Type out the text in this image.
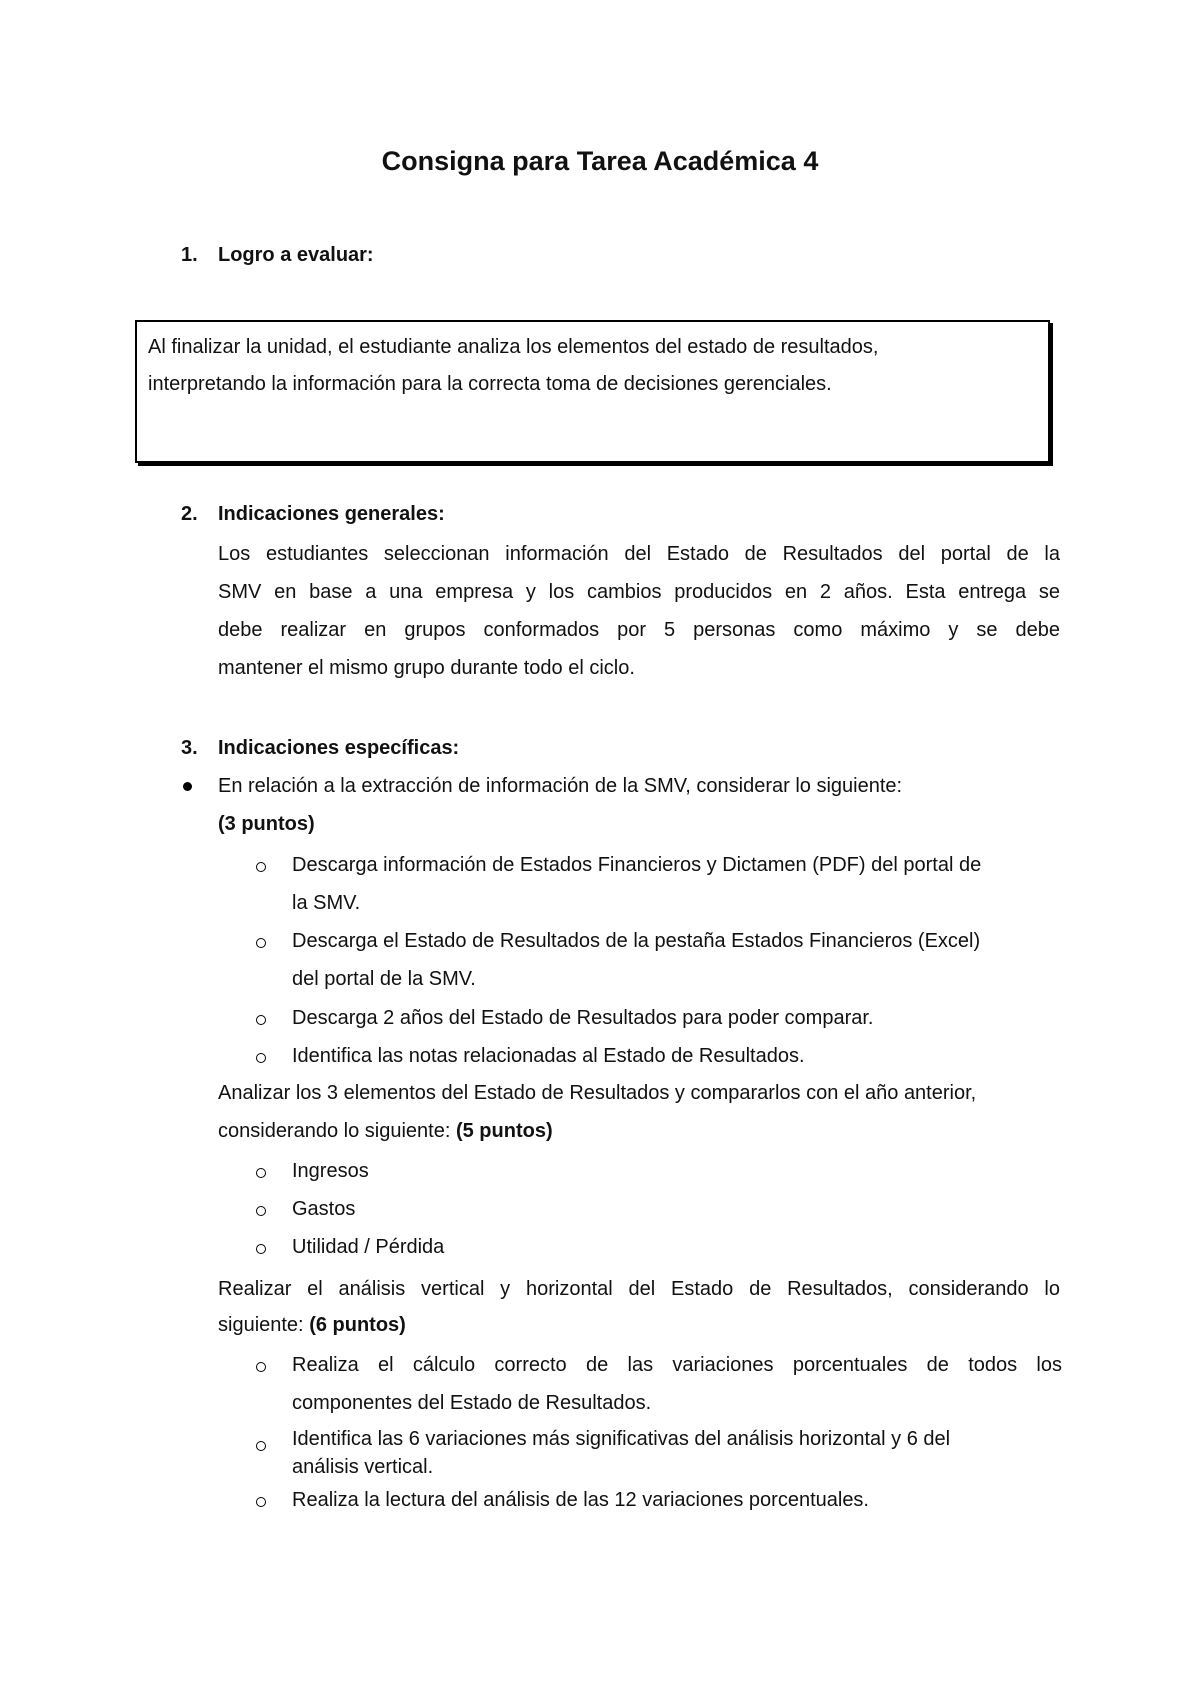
Consigna para Tarea Académica 4
1. Logro a evaluar:

Al finalizar la unidad, el estudiante analiza los elementos del estado de resultados,

interpretando la información para la correcta toma de decisiones gerenciales.

2. Indicaciones generales:
Los estudiantes seleccionan información del Estado de Resultados del portal de la
SMV en base a una empresa y los cambios producidos en 2 años. Esta entrega se
debe realizar en grupos conformados por 5 personas como máximo y se debe
mantener el mismo grupo durante todo el ciclo.
3. Indicaciones específicas:
En relación a la extracción de información de la SMV, considerar lo siguiente:
(3 puntos)
Descarga información de Estados Financieros y Dictamen (PDF) del portal de
la SMV.
Descarga el Estado de Resultados de la pestaña Estados Financieros (Excel)
del portal de la SMV.
Descarga 2 años del Estado de Resultados para poder comparar.
Identifica las notas relacionadas al Estado de Resultados.
Analizar los 3 elementos del Estado de Resultados y compararlos con el año anterior,
considerando lo siguiente: (5 puntos)
Ingresos
Gastos
Utilidad / Pérdida
Realizar el análisis vertical y horizontal del Estado de Resultados, considerando lo
siguiente: (6 puntos)
Realiza el cálculo correcto de las variaciones porcentuales de todos los
componentes del Estado de Resultados.
Identifica las 6 variaciones más significativas del análisis horizontal y 6 del
análisis vertical.
Realiza la lectura del análisis de las 12 variaciones porcentuales.
